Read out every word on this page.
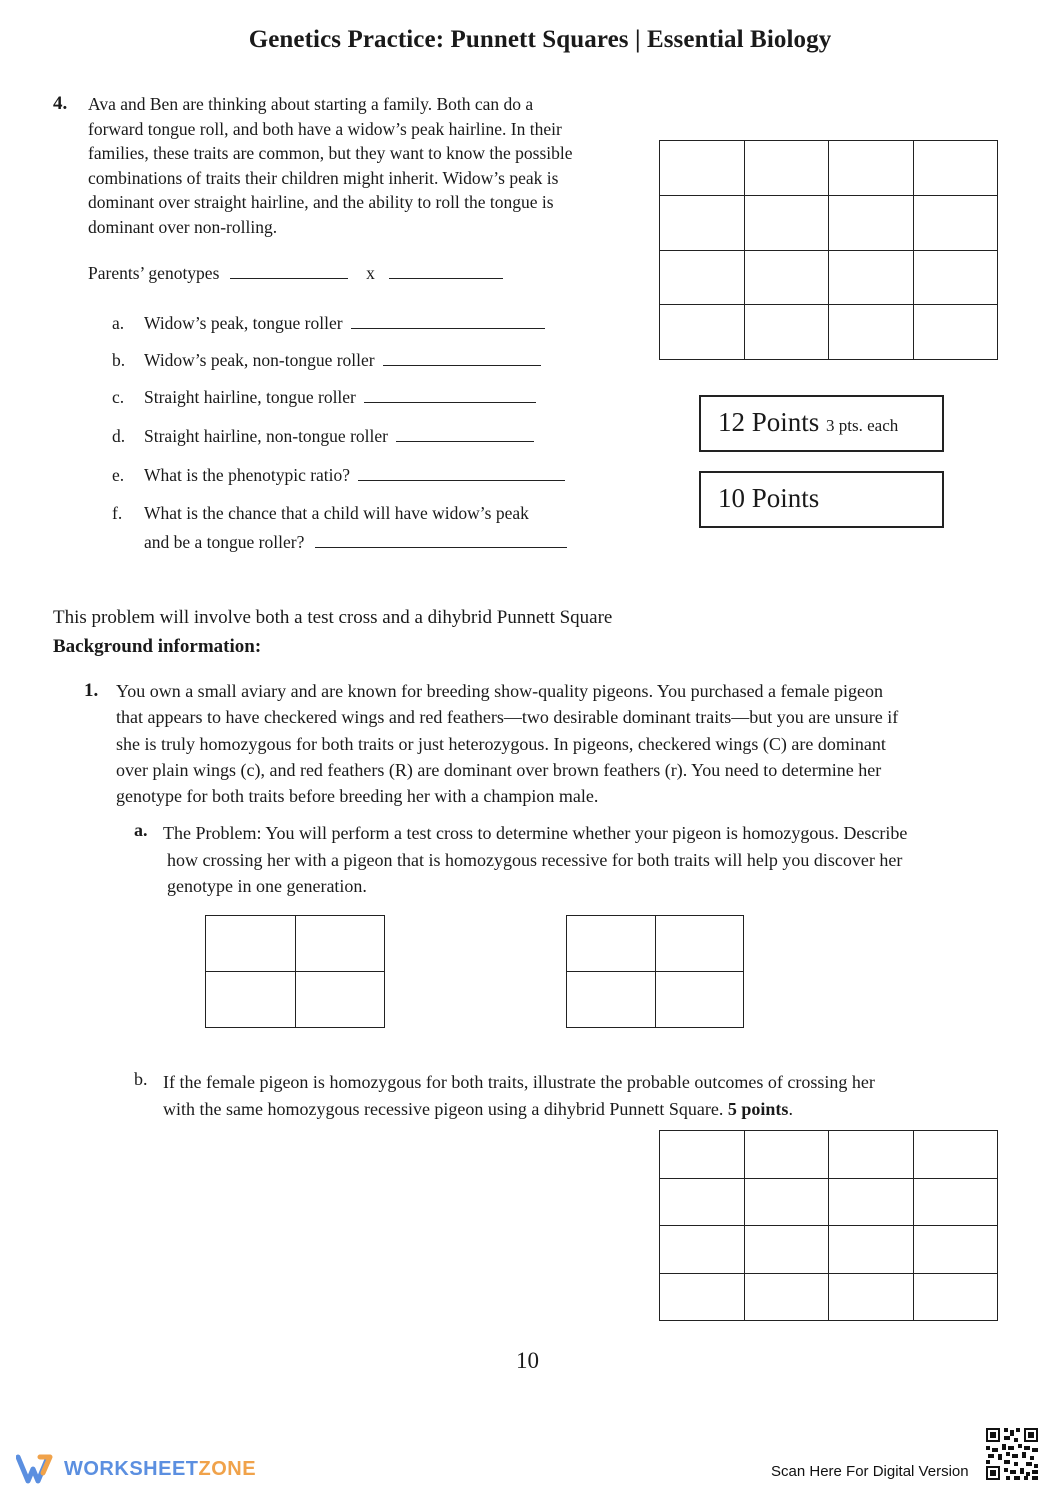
Genetics Practice: Punnett Squares | Essential Biology
4. Ava and Ben are thinking about starting a family. Both can do a
forward tongue roll, and both have a widow’s peak hairline. In their
families, these traits are common, but they want to know the possible
combinations of traits their children might inherit. Widow’s peak is
dominant over straight hairline, and the ability to roll the tongue is
dominant over non-rolling.
Parents’ genotypes	x
a. Widow’s peak, tongue roller
b. Widow’s peak, non-tongue roller
c. Straight hairline, tongue roller
d. Straight hairline, non-tongue roller
e. What is the phenotypic ratio?
f. What is the chance that a child will have widow’s peak
and be a tongue roller?

12 Points 3 pts. each
10 Points
This problem will involve both a test cross and a dihybrid Punnett Square
Background information:
1. You own a small aviary and are known for breeding show-quality pigeons. You purchased a female pigeon
that appears to have checkered wings and red feathers—two desirable dominant traits—but you are unsure if
she is truly homozygous for both traits or just heterozygous. In pigeons, checkered wings (C) are dominant
over plain wings (c), and red feathers (R) are dominant over brown feathers (r). You need to determine her
genotype for both traits before breeding her with a champion male.
a. The Problem: You will perform a test cross to determine whether your pigeon is homozygous. Describe
how crossing her with a pigeon that is homozygous recessive for both traits will help you discover her
genotype in one generation.

b. If the female pigeon is homozygous for both traits, illustrate the probable outcomes of crossing her
with the same homozygous recessive pigeon using a dihybrid Punnett Square. 5 points.

10
WORKSHEETZONE	Scan Here For Digital Version
